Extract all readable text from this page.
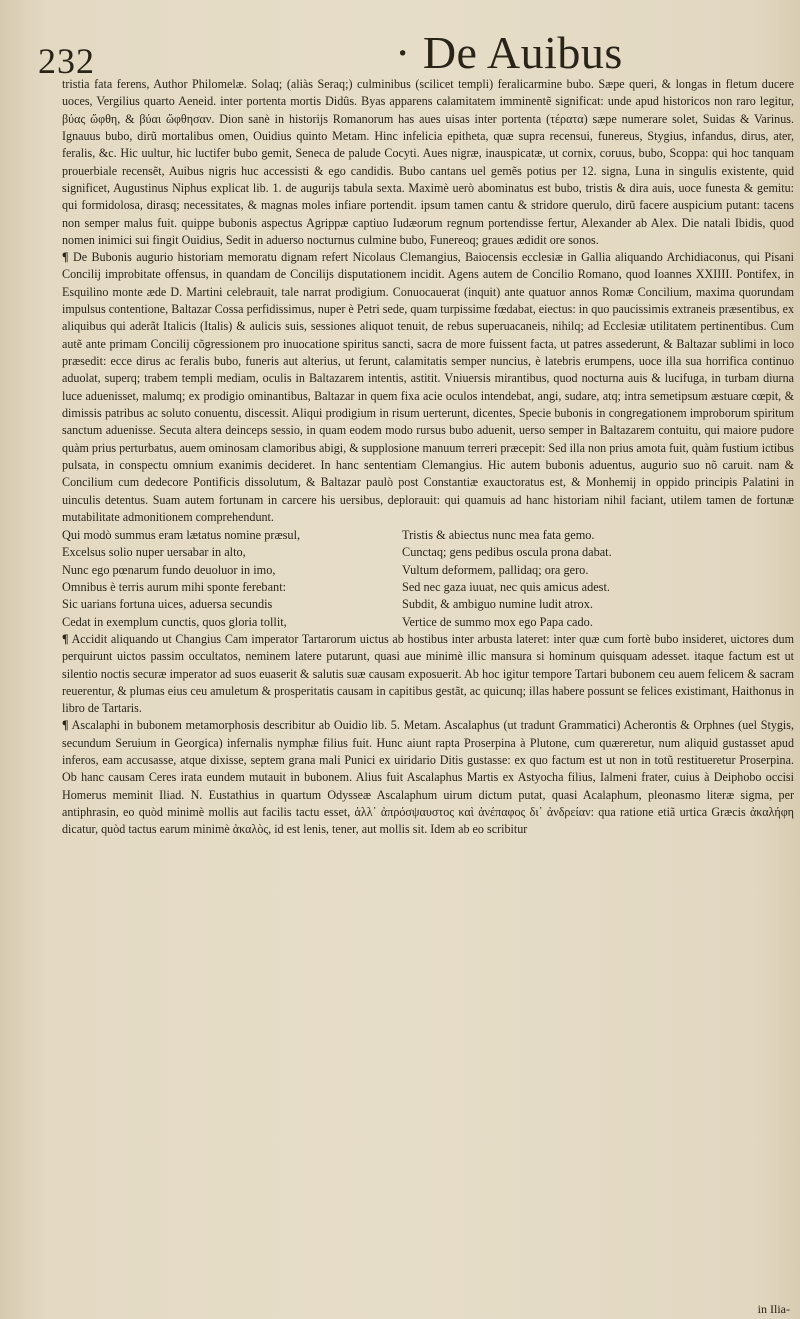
232	· De Auibus

tristia fata ferens, Author Philomelæ. Solaq; (aliàs Seraq;) culminibus (scilicet templi) feralicarmine bubo. Sæpe queri, & longas in fletum ducere uoces, Vergilius quarto Aeneid. inter portenta mortis Didûs. Byas apparens calamitatem imminentẽ significat: unde apud historicos non raro legitur, βύας ὤφθη, & βύαι ὤφθησαν. Dion sanè in historijs Romanorum has aues uisas inter portenta (τέρατα) sæpe numerare solet, Suidas & Varinus. Ignauus bubo, dirũ mortalibus omen, Ouidius quinto Metam. Hinc infelicia epitheta, quæ supra recensui, funereus, Stygius, infandus, dirus, ater, feralis, &c. Hic uultur, hic luctifer bubo gemit, Seneca de palude Cocyti. Aues nigræ, inauspicatæ, ut cornix, coruus, bubo, Scoppa: qui hoc tanquam prouerbiale recensẽt, Auibus nigris huc accessisti & ego candidis. Bubo cantans uel gemẽs potius per 12. signa, Luna in singulis existente, quid significet, Augustinus Niphus explicat lib. 1. de augurijs tabula sexta. Maximè uerò abominatus est bubo, tristis & dira auis, uoce funesta & gemitu: qui formidolosa, dirasq; necessitates, & magnas moles infiare portendit. ipsum tamen cantu & stridore querulo, dirũ facere auspicium putant: tacens non semper malus fuit. quippe bubonis aspectus Agrippæ captiuo Iudæorum regnum portendisse fertur, Alexander ab Alex. Die natali Ibidis, quod nomen inimici sui fingit Ouidius, Sedit in aduerso nocturnus culmine bubo, Funereoq; graues ædidit ore sonos.

¶ De Bubonis augurio historiam memoratu dignam refert Nicolaus Clemangius, Baiocensis ecclesiæ in Gallia aliquando Archidiaconus, qui Pisani Concilij improbitate offensus, in quandam de Concilijs disputationem incidit. Agens autem de Concilio Romano, quod Ioannes XXIIII. Pontifex, in Esquilino monte æde D. Martini celebrauit, tale narrat prodigium. Conuocauerat (inquit) ante quatuor annos Romæ Concilium, maxima quorundam impulsus contentione, Baltazar Cossa perfidissimus, nuper è Petri sede, quam turpissime fœdabat, eiectus: in quo paucissimis extraneis præsentibus, ex aliquibus qui aderãt Italicis (Italis) & aulicis suis, sessiones aliquot tenuit, de rebus superuacaneis, nihilq; ad Ecclesiæ utilitatem pertinentibus. Cum autẽ ante primam Concilij cõgressionem pro inuocatione spiritus sancti, sacra de more fuissent facta, ut patres assederunt, & Baltazar sublimi in loco præsedit: ecce dirus ac feralis bubo, funeris aut alterius, ut ferunt, calamitatis semper nuncius, è latebris erumpens, uoce illa sua horrifica continuo aduolat, superq; trabem templi mediam, oculis in Baltazarem intentis, astitit. Vniuersis mirantibus, quod nocturna auis & lucifuga, in turbam diurna luce aduenisset, malumq; ex prodigio ominantibus, Baltazar in quem fixa acie oculos intendebat, angi, sudare, atq; intra semetipsum æstuare cœpit, & dimissis patribus ac soluto conuentu, discessit. Aliqui prodigium in risum uerterunt, dicentes, Specie bubonis in congregationem improborum spiritum sanctum aduenisse. Secuta altera deinceps sessio, in quam eodem modo rursus bubo aduenit, uerso semper in Baltazarem contuitu, qui maiore pudore quàm prius perturbatus, auem ominosam clamoribus abigi, & supplosione manuum terreri præcepit: Sed illa non prius amota fuit, quàm fustium ictibus pulsata, in conspectu omnium exanimis decideret. In hanc sententiam Clemangius. Hic autem bubonis aduentus, augurio suo nõ caruit. nam & Concilium cum dedecore Pontificis dissolutum, & Baltazar paulò post Constantiæ exauctoratus est, & Monhemij in oppido principis Palatini in uinculis detentus. Suam autem fortunam in carcere his uersibus, deplorauit: qui quamuis ad hanc historiam nihil faciant, utilem tamen de fortunæ mutabilitate admonitionem comprehendunt.

Qui modò summus eram lætatus nomine præsul,	Tristis & abiectus nunc mea fata gemo.
Excelsus solio nuper uersabar in alto,	Cunctaq; gens pedibus oscula prona dabat.
Nunc ego pœnarum fundo deuoluor in imo,	Vultum deformem, pallidaq; ora gero.
Omnibus è terris aurum mihi sponte ferebant:	Sed nec gaza iuuat, nec quis amicus adest.
Sic uarians fortuna uices, aduersa secundis	Subdit, & ambiguo numine ludit atrox.
Cedat in exemplum cunctis, quos gloria tollit,	Vertice de summo mox ego Papa cado.

¶ Accidit aliquando ut Changius Cam imperator Tartarorum uictus ab hostibus inter arbusta lateret: inter quæ cum fortè bubo insideret, uictores dum perquirunt uictos passim occultatos, neminem latere putarunt, quasi aue minimè illic mansura si hominum quisquam adesset. itaque factum est ut silentio noctis securæ imperator ad suos euaserit & salutis suæ causam exposuerit. Ab hoc igitur tempore Tartari bubonem ceu auem felicem & sacram reuerentur, & plumas eius ceu amuletum & prosperitatis causam in capitibus gestãt, ac quicunq; illas habere possunt se felices existimant, Haithonus in libro de Tartaris.

¶ Ascalaphi in bubonem metamorphosis describitur ab Ouidio lib. 5. Metam. Ascalaphus (ut tradunt Grammatici) Acherontis & Orphnes (uel Stygis, secundum Seruium in Georgica) infernalis nymphæ filius fuit. Hunc aiunt rapta Proserpina à Plutone, cum quæreretur, num aliquid gustasset apud inferos, eam accusasse, atque dixisse, septem grana mali Punici ex uiridario Ditis gustasse: ex quo factum est ut non in totũ restitueretur Proserpina. Ob hanc causam Ceres irata eundem mutauit in bubonem. Alius fuit Ascalaphus Martis ex Astyocha filius, Ialmeni frater, cuius à Deiphobo occisi Homerus meminit Iliad. N. Eustathius in quartum Odysseæ Ascalaphum uirum dictum putat, quasi Acalaphum, pleonasmo literæ sigma, per antiphrasin, eo quòd minimè mollis aut facilis tactu esset, ἀλλ᾽ ἀπρόσψαυστος καὶ ἀνέπαφος δι᾽ ἀνδρείαν: qua ratione etiã urtica Græcis ἀκαλήφη dicatur, quòd tactus earum minimè ἀκαλὸς, id est lenis, tener, aut mollis sit. Idem ab eo scribitur

in Ilia-
